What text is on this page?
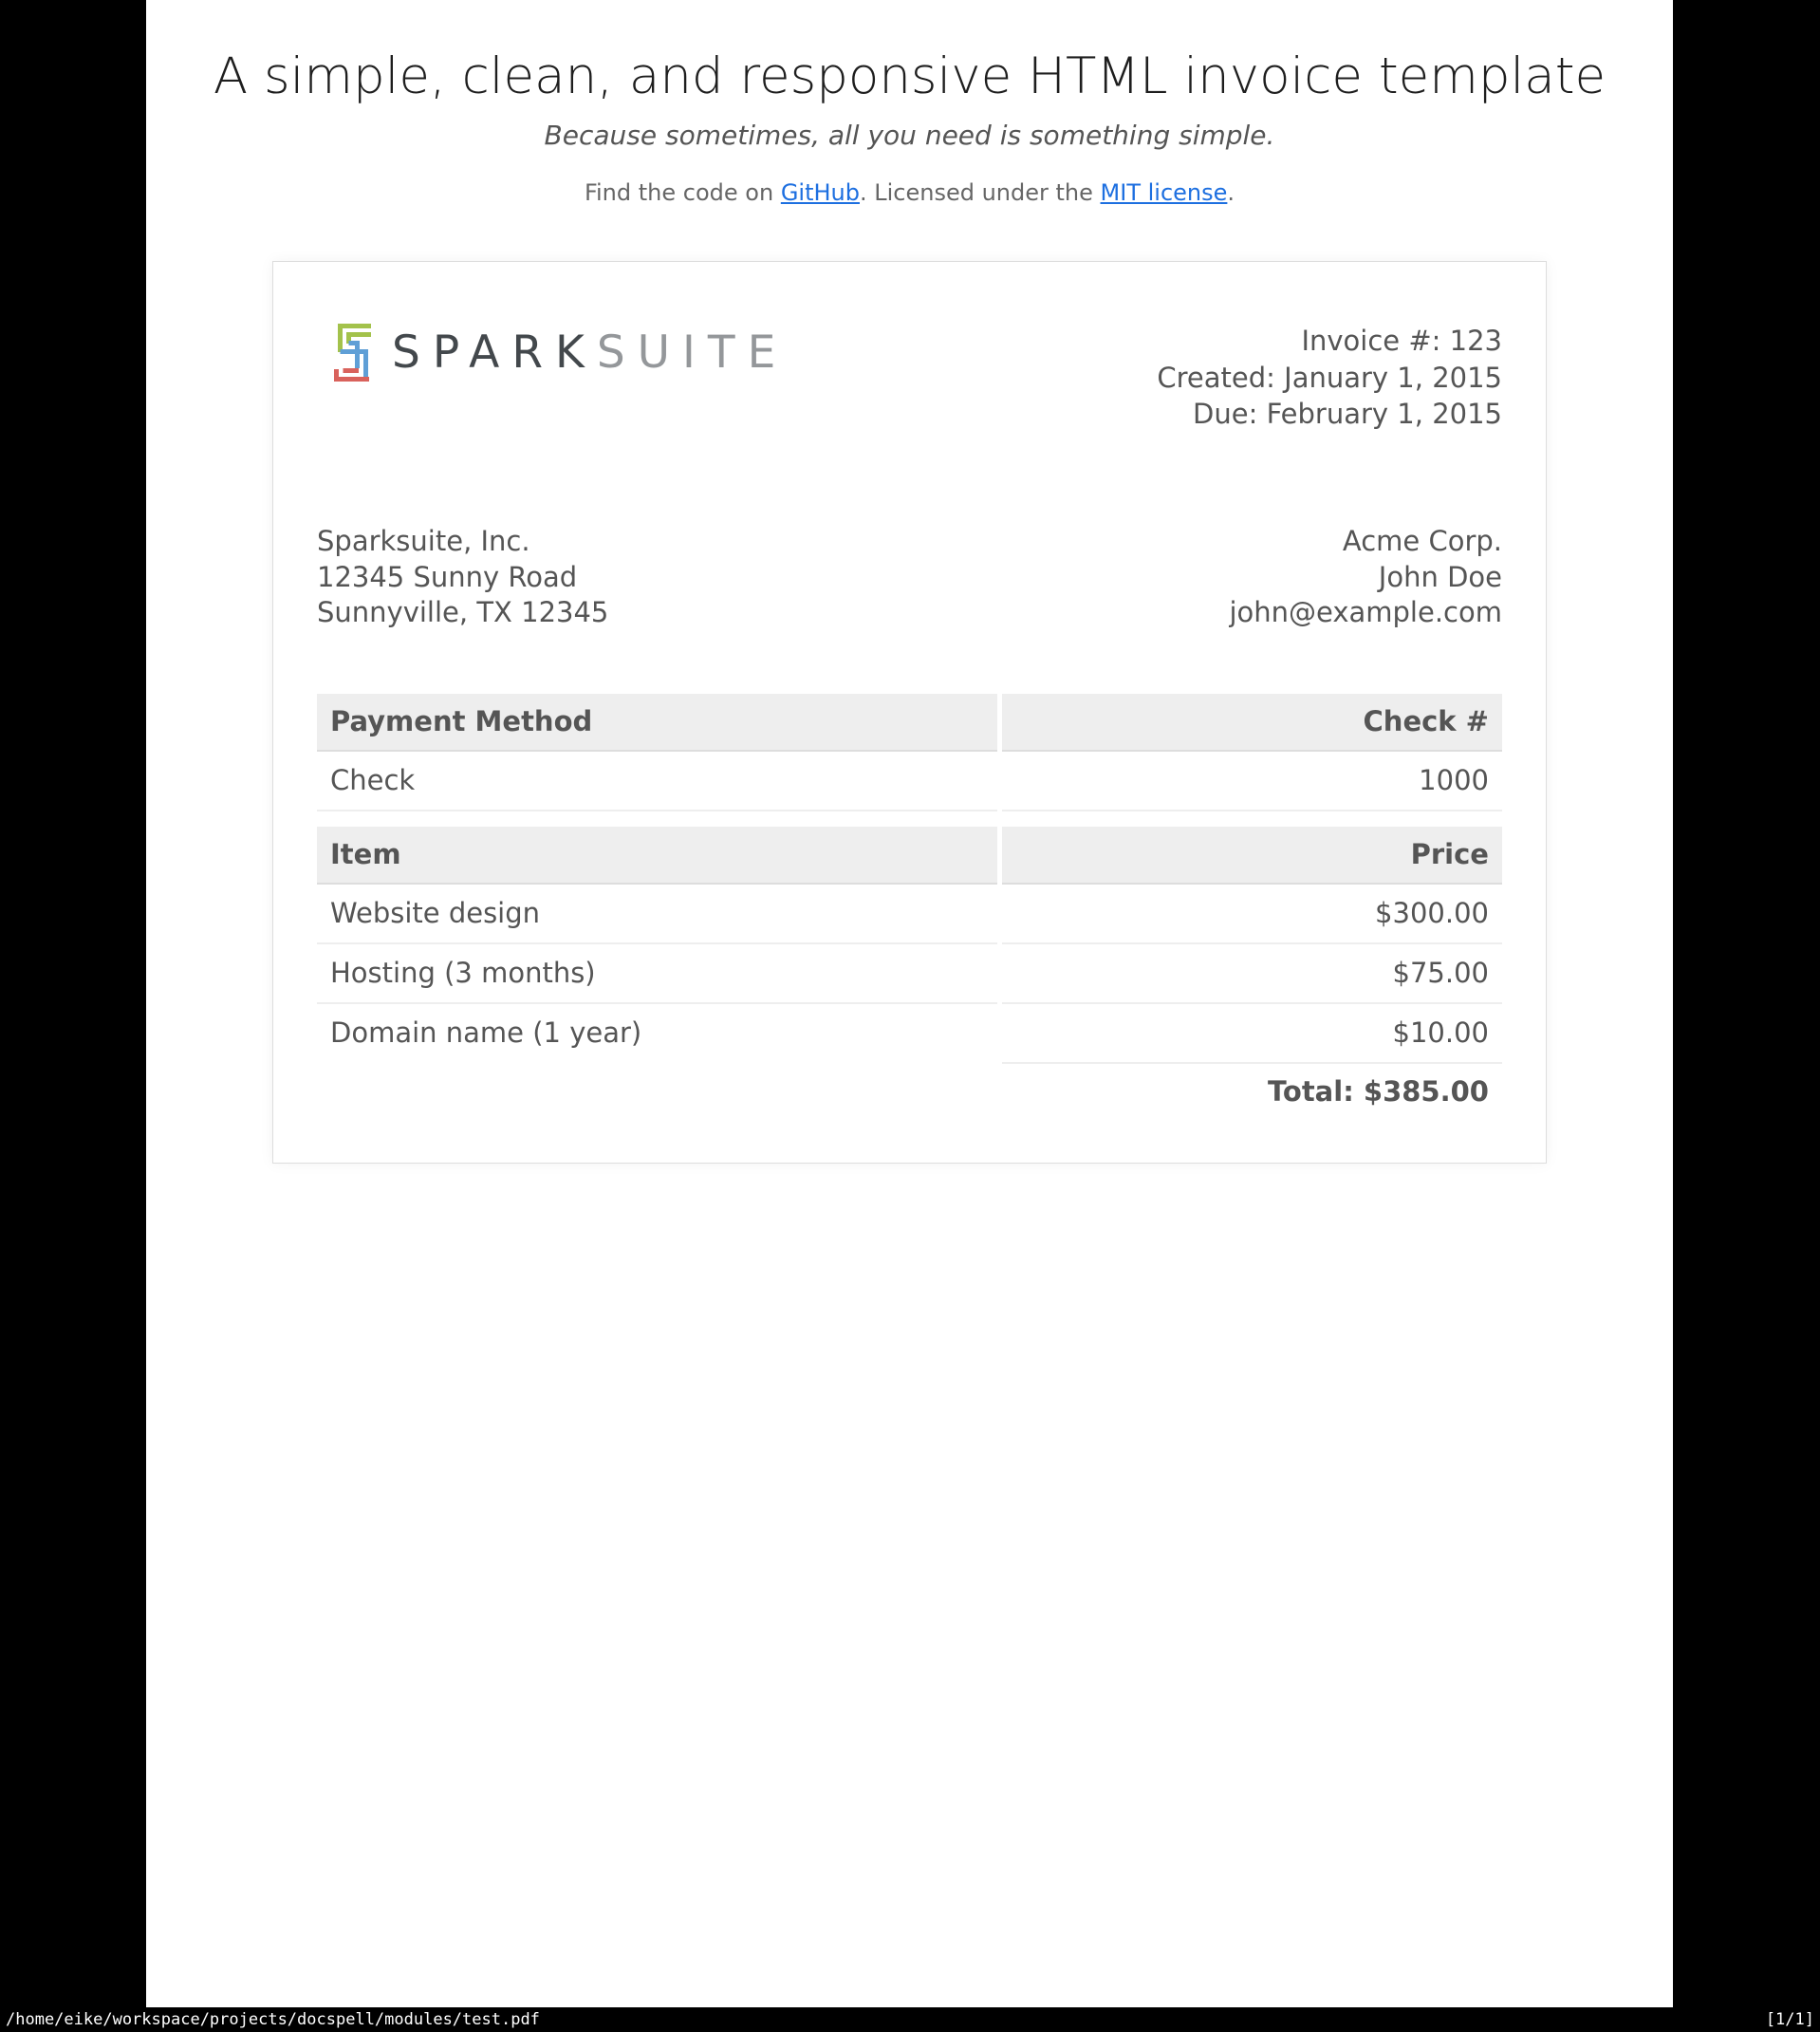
A simple, clean, and responsive HTML invoice template
Because sometimes, all you need is something simple.
Find the code on GitHub. Licensed under the MIT license.
SPARKSUITE	Invoice #: 123
Created: January 1, 2015
Due: February 1, 2015
Sparksuite, Inc.
12345 Sunny Road
Sunnyville, TX 12345
Acme Corp.
John Doe
john@example.com
Payment Method	Check #
Check	1000
Item	Price
Website design	$300.00
Hosting (3 months)	$75.00
Domain name (1 year)	$10.00
Total: $385.00
/home/eike/workspace/projects/docspell/modules/test.pdf	[1/1]
